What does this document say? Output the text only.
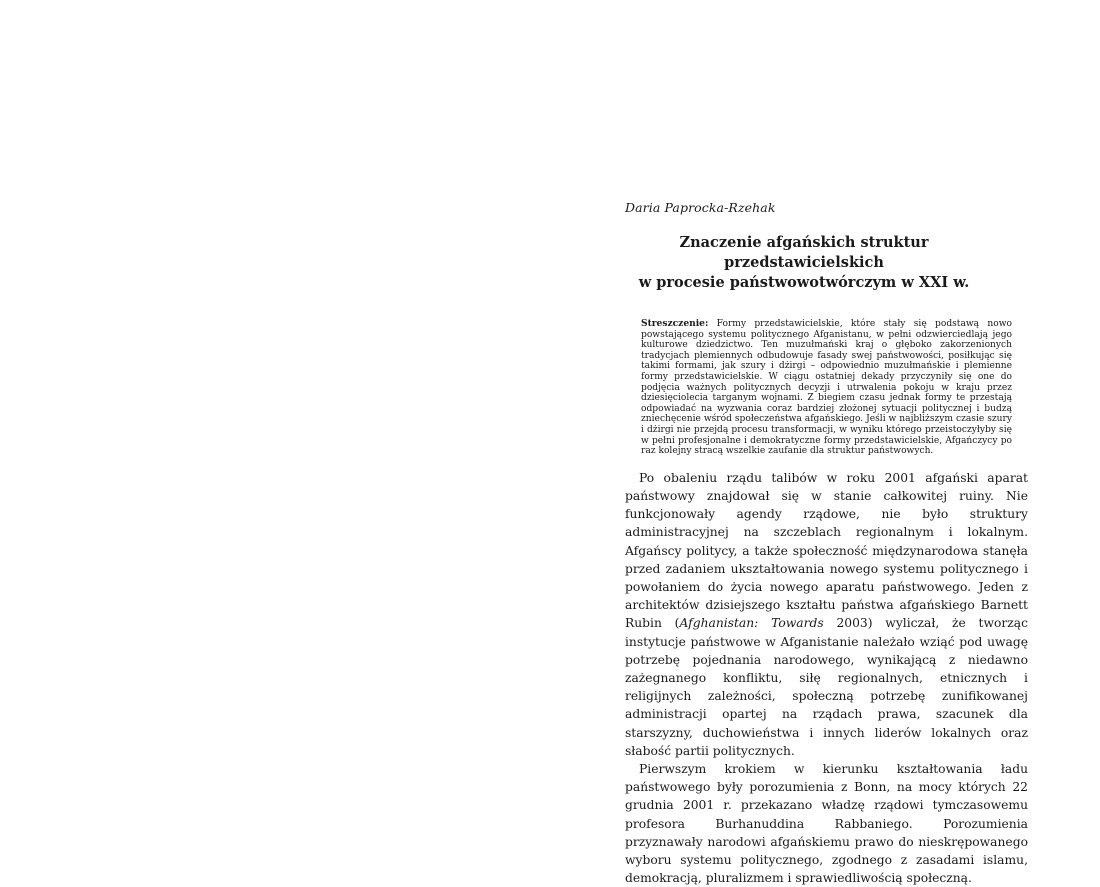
Daria Paprocka-Rzehak
Znaczenie afgańskich struktur przedstawicielskich
w procesie państwowotwórczym w XXI w.
Streszczenie: Formy przedstawicielskie, które stały się podstawą nowo powstającego systemu politycznego Afganistanu, w pełni odzwierciedlają jego kulturowe dziedzictwo. Ten muzułmański kraj o głęboko zakorzenionych tradycjach plemiennych odbudowuje fasady swej państwowości, posiłkując się takimi formami, jak szury i dżirgi – odpowiednio muzułmańskie i plemienne formy przedstawicielskie. W ciągu ostatniej dekady przyczyniły się one do podjęcia ważnych politycznych decyzji i utrwalenia pokoju w kraju przez dziesięciolecia targanym wojnami. Z biegiem czasu jednak formy te przestają odpowiadać na wyzwania coraz bardziej złożonej sytuacji politycznej i budzą zniechęcenie wśród społeczeństwa afgańskiego. Jeśli w najbliższym czasie szury i dżirgi nie przejdą procesu transformacji, w wyniku którego przeistoczyłyby się w pełni profesjonalne i demokratyczne formy przedstawicielskie, Afgańczycy po raz kolejny stracą wszelkie zaufanie dla struktur państwowych.

Po obaleniu rządu talibów w roku 2001 afgański aparat państwowy znajdował się w stanie całkowitej ruiny. Nie funkcjonowały agendy rządowe, nie było struktury administracyjnej na szczeblach regionalnym i lokalnym. Afgańscy politycy, a także społeczność międzynarodowa stanęła przed zadaniem ukształtowania nowego systemu politycznego i powołaniem do życia nowego aparatu państwowego. Jeden z architektów dzisiejszego kształtu państwa afgańskiego Barnett Rubin (Afghanistan: Towards 2003) wyliczał, że tworząc instytucje państwowe w Afganistanie należało wziąć pod uwagę potrzebę pojednania narodowego, wynikającą z niedawno zażegnanego konfliktu, siłę regionalnych, etnicznych i religijnych zależności, społeczną potrzebę zunifikowanej administracji opartej na rządach prawa, szacunek dla starszyzny, duchowieństwa i innych liderów lokalnych oraz słabość partii politycznych.

Pierwszym krokiem w kierunku kształtowania ładu państwowego były porozumienia z Bonn, na mocy których 22 grudnia 2001 r. przekazano władzę rządowi tymczasowemu profesora Burhanuddina Rabbaniego. Porozumienia przyznawały narodowi afgańskiemu prawo do nieskrępowanego wyboru systemu politycznego, zgodnego z zasadami islamu, demokracją, pluralizmem i sprawiedliwością społeczną.
